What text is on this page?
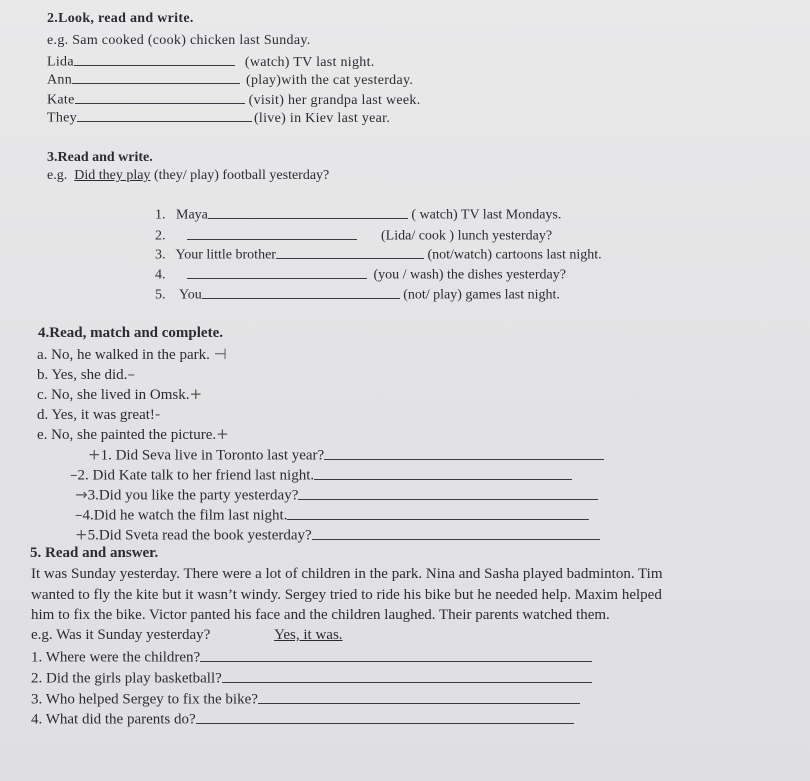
2.Look, read and write.
e.g. Sam cooked (cook) chicken last Sunday.
Lida	(watch) TV last night.
Ann	(play)with the cat yesterday.
Kate	(visit) her grandpa last week.
They	(live) in Kiev last year.
3.Read and write.
e.g. Did they play (they/ play) football yesterday?
1. Maya	( watch) TV last Mondays.
2.	(Lida/ cook ) lunch yesterday?
3. Your little brother	(not/watch) cartoons last night.
4.	(you / wash) the dishes yesterday?
5. You	(not/ play) games last night.
4.Read, match and complete.
a. No, he walked in the park. ⊣
b. Yes, she did.–
c. No, she lived in Omsk.+
d. Yes, it was great!-
e. No, she painted the picture.+
+1. Did Seva live in Toronto last year?
–2. Did Kate talk to her friend last night.
→3.Did you like the party yesterday?
–4.Did he watch the film last night.
+5.Did Sveta read the book yesterday?
5. Read and answer.
It was Sunday yesterday. There were a lot of children in the park. Nina and Sasha played badminton. Tim
wanted to fly the kite but it wasn’t windy. Sergey tried to ride his bike but he needed help. Maxim helped
him to fix the bike. Victor panted his face and the children laughed. Their parents watched them.
e.g. Was it Sunday yesterday?	Yes, it was.
1. Where were the children?
2. Did the girls play basketball?
3. Who helped Sergey to fix the bike?
4. What did the parents do?
